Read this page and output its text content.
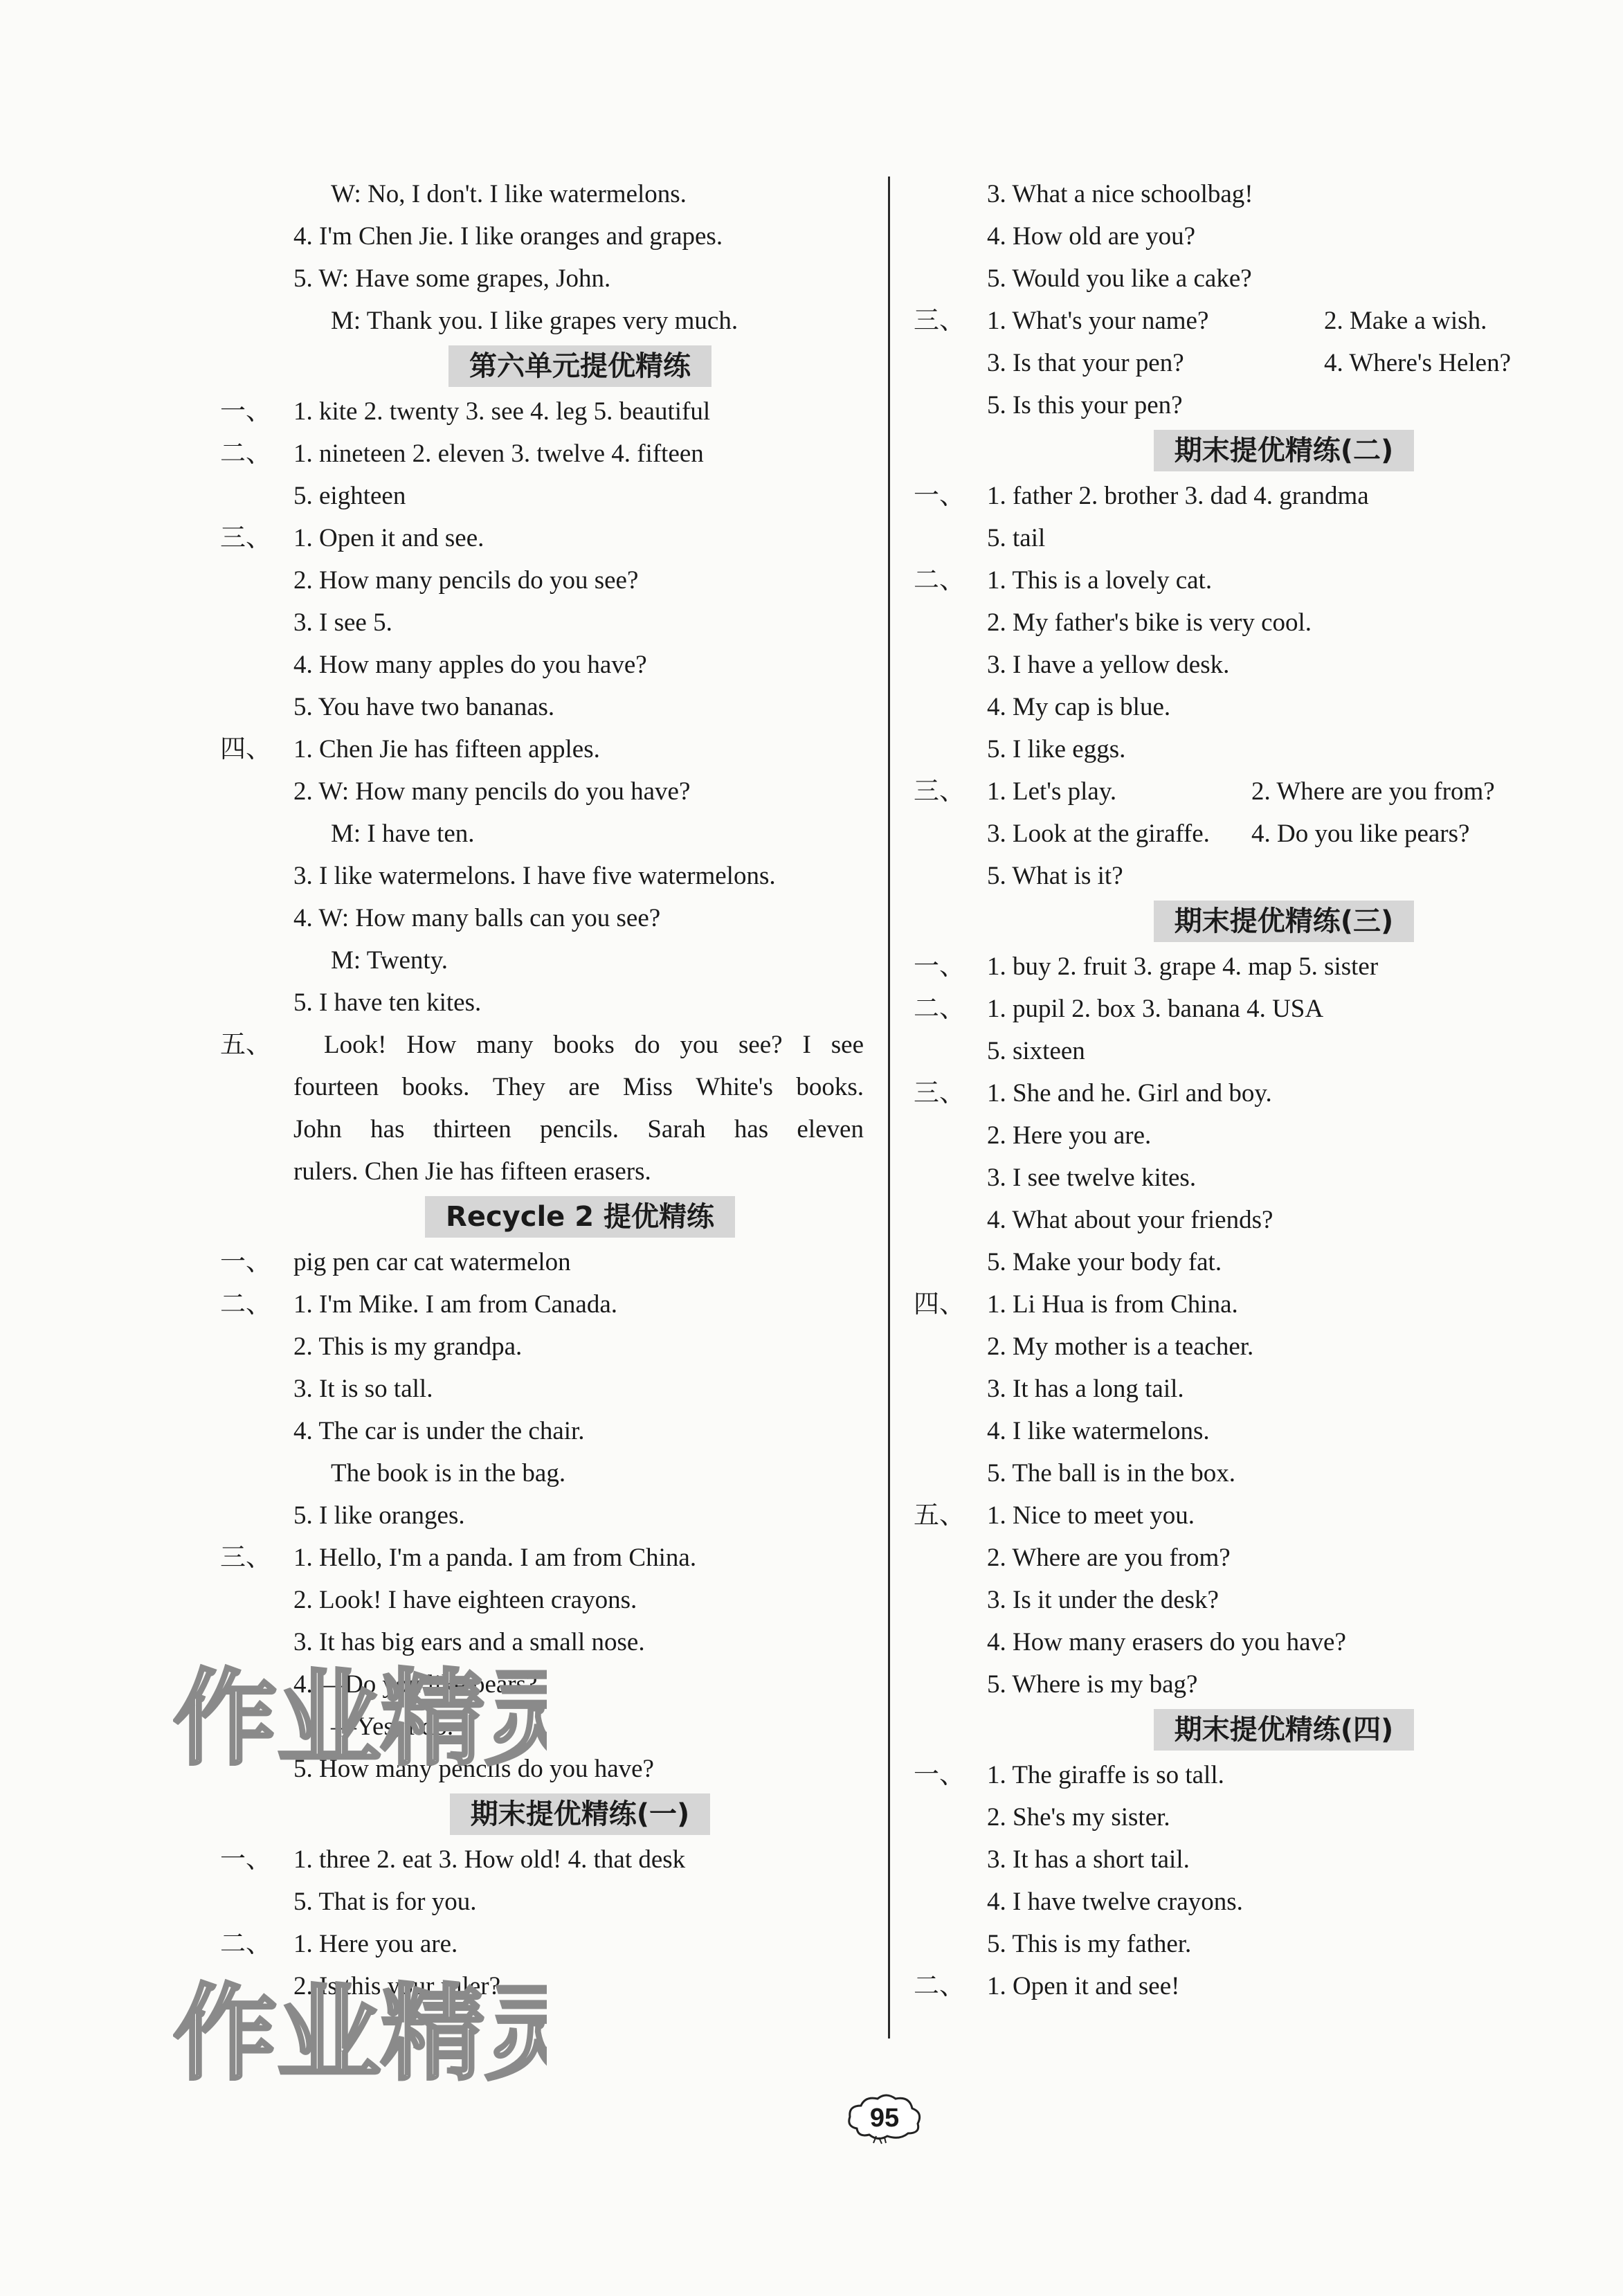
W: No, I don't. I like watermelons.
4. I'm Chen Jie. I like oranges and grapes.
5. W: Have some grapes, John.
M: Thank you. I like grapes very much.
第六单元提优精练
一、 1. kite 2. twenty 3. see 4. leg 5. beautiful
二、 1. nineteen 2. eleven 3. twelve 4. fifteen
5. eighteen
三、 1. Open it and see.
2. How many pencils do you see?
3. I see 5.
4. How many apples do you have?
5. You have two bananas.
四、 1. Chen Jie has fifteen apples.
2. W: How many pencils do you have?
M: I have ten.
3. I like watermelons. I have five watermelons.
4. W: How many balls can you see?
M: Twenty.
5. I have ten kites.
五、	Look! How many books do you see? I see
fourteen books. They are Miss White's books.
John has thirteen pencils. Sarah has eleven
rulers. Chen Jie has fifteen erasers.
Recycle 2 提优精练
一、 pig pen car cat watermelon
二、 1. I'm Mike. I am from Canada.
2. This is my grandpa.
3. It is so tall.
4. The car is under the chair.
The book is in the bag.
5. I like oranges.
三、 1. Hello, I'm a panda. I am from China.
2. Look! I have eighteen crayons.
3. It has big ears and a small nose.
4. —Do you like pears?
—Yes, I do.
5. How many pencils do you have?
期末提优精练(一)
一、 1. three 2. eat 3. How old! 4. that desk
5. That is for you.
二、 1. Here you are.
2. Is this your ruler?
3. What a nice schoolbag!
4. How old are you?
5. Would you like a cake?
三、 1. What's your name?	2. Make a wish.
3. Is that your pen?	4. Where's Helen?
5. Is this your pen?
期末提优精练(二)
一、 1. father 2. brother 3. dad 4. grandma
5. tail
二、 1. This is a lovely cat.
2. My father's bike is very cool.
3. I have a yellow desk.
4. My cap is blue.
5. I like eggs.
三、 1. Let's play.	2. Where are you from?
3. Look at the giraffe. 4. Do you like pears?
5. What is it?
期末提优精练(三)
一、 1. buy 2. fruit 3. grape 4. map 5. sister
二、 1. pupil 2. box 3. banana 4. USA
5. sixteen
三、 1. She and he. Girl and boy.
2. Here you are.
3. I see twelve kites.
4. What about your friends?
5. Make your body fat.
四、 1. Li Hua is from China.
2. My mother is a teacher.
3. It has a long tail.
4. I like watermelons.
5. The ball is in the box.
五、 1. Nice to meet you.
2. Where are you from?
3. Is it under the desk?
4. How many erasers do you have?
5. Where is my bag?
期末提优精练(四)
一、 1. The giraffe is so tall.
2. She's my sister.
3. It has a short tail.
4. I have twelve crayons.
5. This is my father.
二、 1. Open it and see!
作业精灵
作业精灵
95
